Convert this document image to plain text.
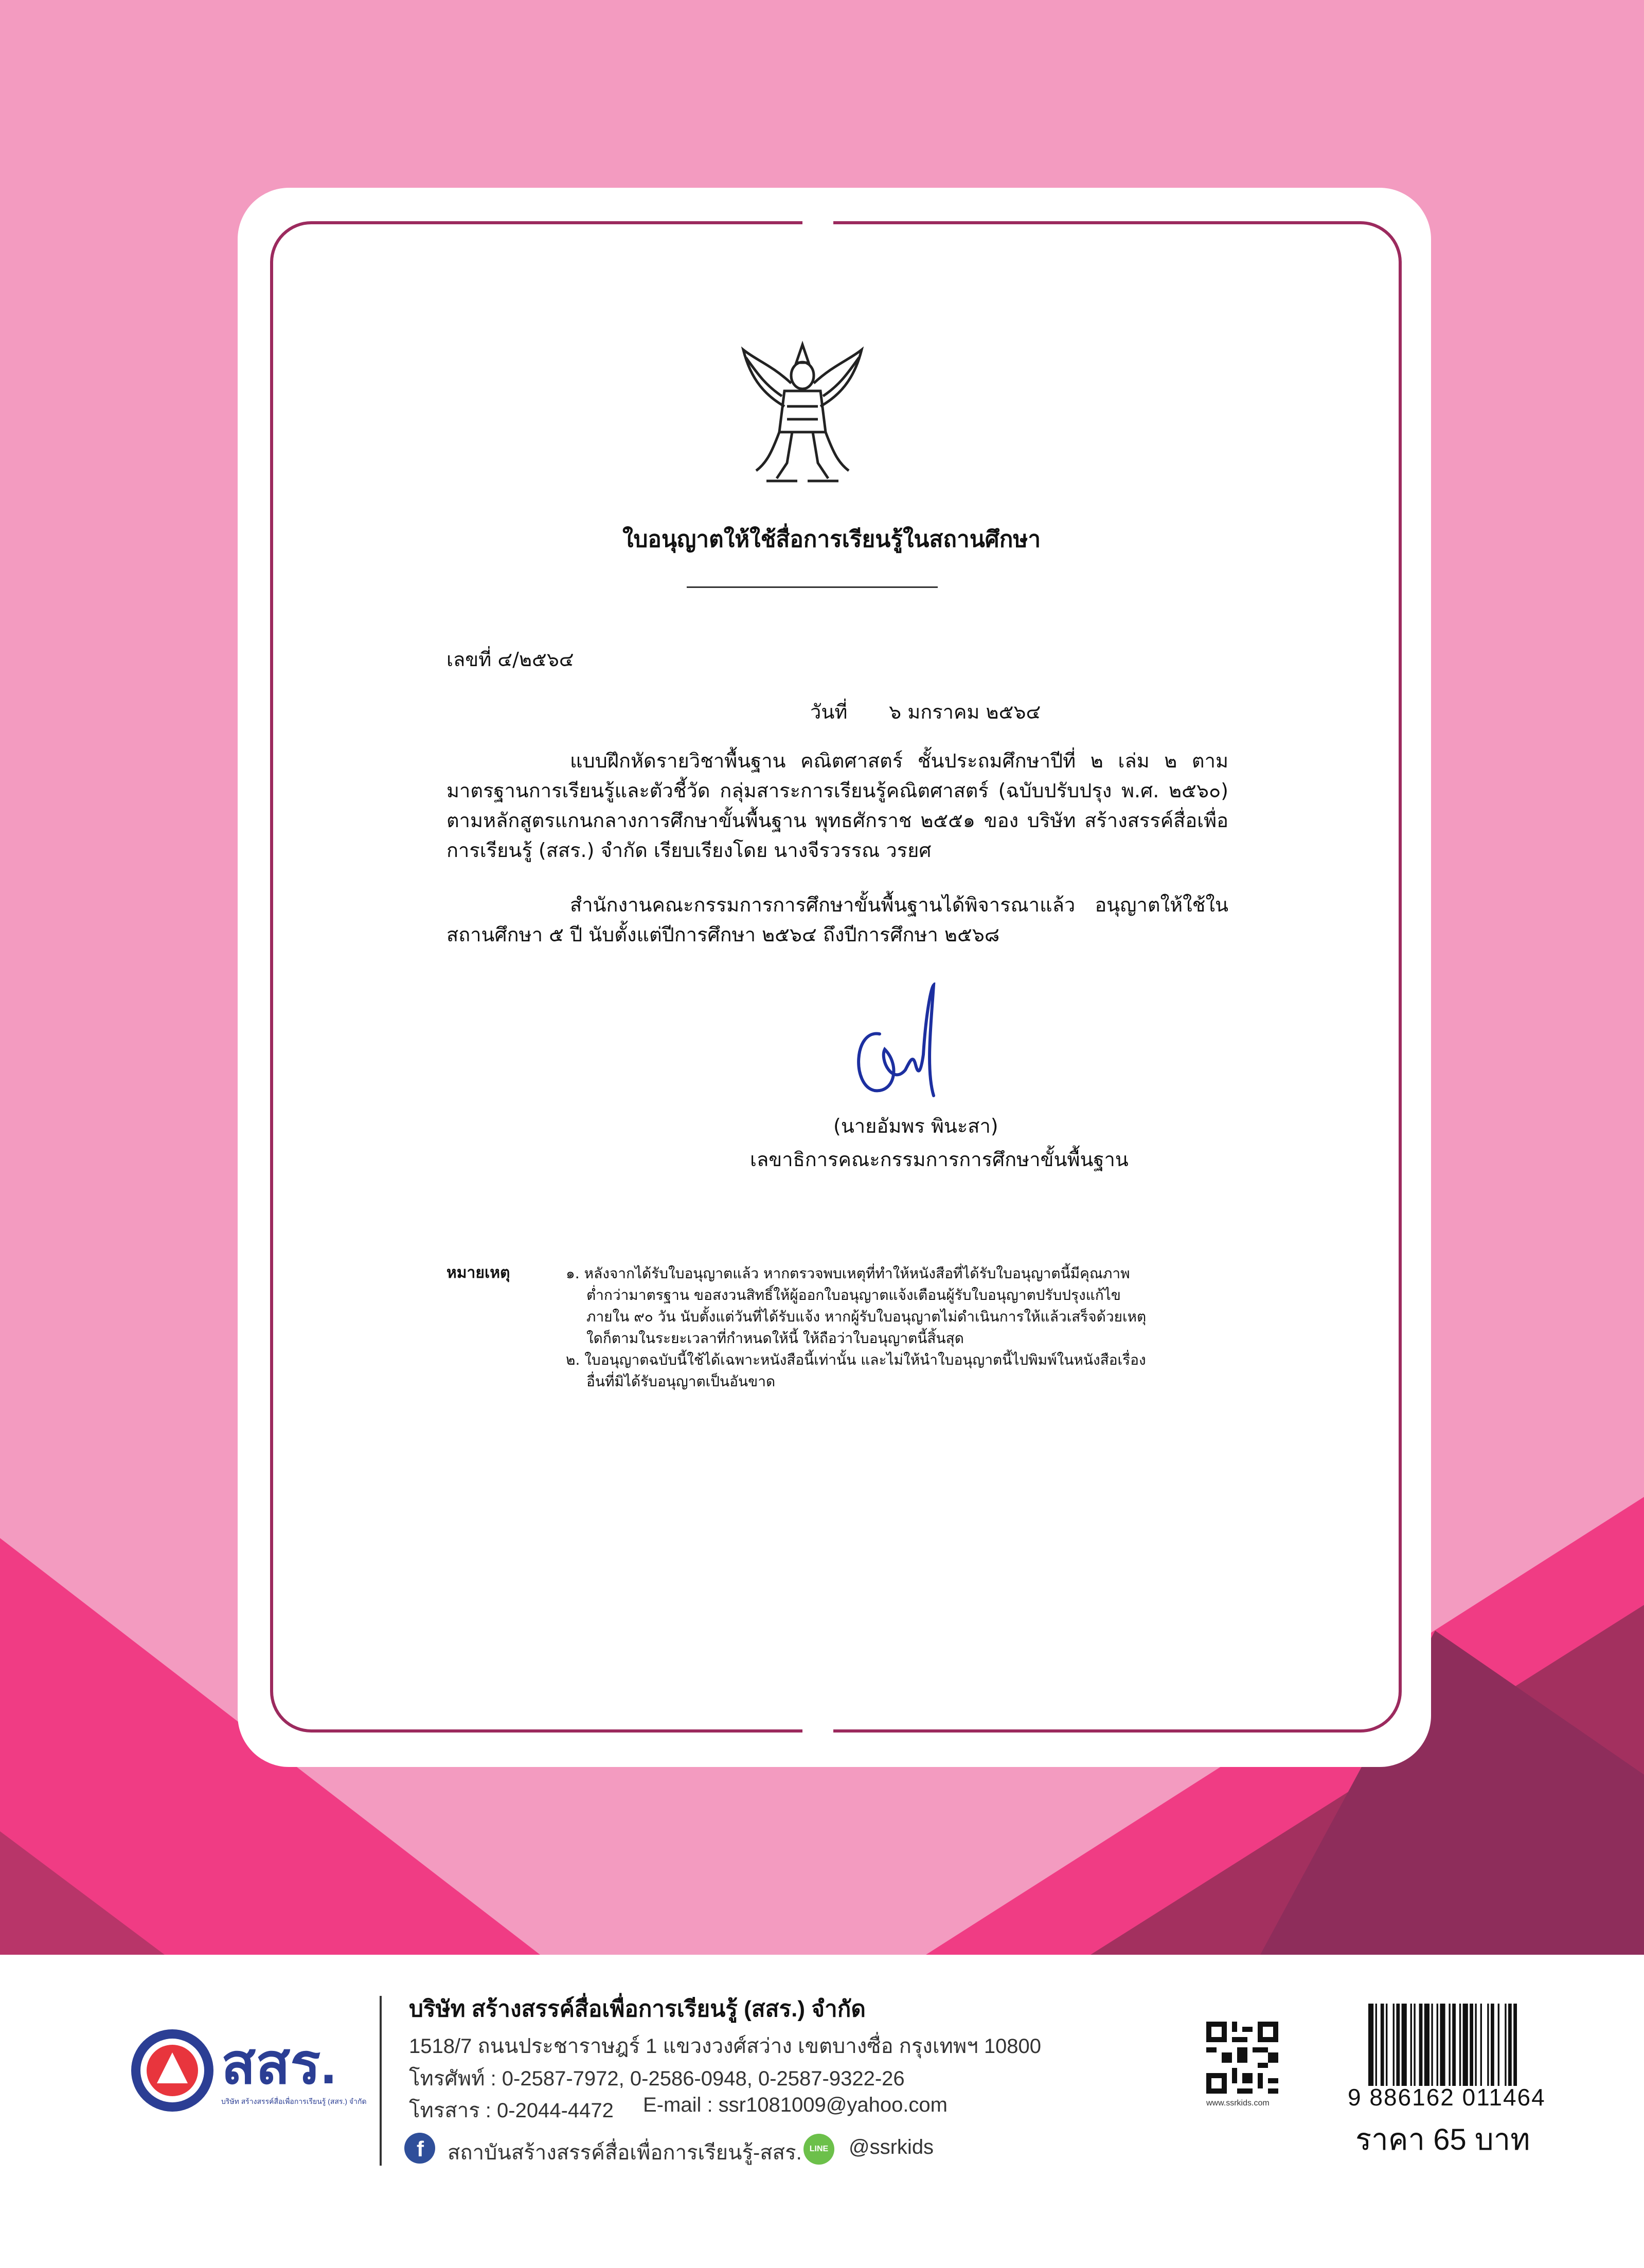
ใบอนุญาตให้ใช้สื่อการเรียนรู้ในสถานศึกษา
เลขที่ ๔/๒๕๖๔
วันที่ ๖ มกราคม ๒๕๖๔
แบบฝึกหัดรายวิชาพื้นฐาน คณิตศาสตร์ ชั้นประถมศึกษาปีที่ ๒ เล่ม ๒ ตามมาตรฐานการเรียนรู้และตัวชี้วัด กลุ่มสาระการเรียนรู้คณิตศาสตร์ (ฉบับปรับปรุง พ.ศ. ๒๕๖๐) ตามหลักสูตรแกนกลางการศึกษาขั้นพื้นฐาน พุทธศักราช ๒๕๕๑ ของ บริษัท สร้างสรรค์สื่อเพื่อการเรียนรู้ (สสร.) จำกัด เรียบเรียงโดย นางจีรวรรณ วรยศ
สำนักงานคณะกรรมการการศึกษาขั้นพื้นฐานได้พิจารณาแล้ว อนุญาตให้ใช้ในสถานศึกษา ๕ ปี นับตั้งแต่ปีการศึกษา ๒๕๖๔ ถึงปีการศึกษา ๒๕๖๘
(นายอัมพร พินะสา)
เลขาธิการคณะกรรมการการศึกษาขั้นพื้นฐาน
หมายเหตุ	๑. หลังจากได้รับใบอนุญาตแล้ว หากตรวจพบเหตุที่ทำให้หนังสือที่ได้รับใบอนุญาตนี้มีคุณภาพต่ำกว่ามาตรฐาน ขอสงวนสิทธิ์ให้ผู้ออกใบอนุญาตแจ้งเตือนผู้รับใบอนุญาตปรับปรุงแก้ไขภายใน ๙๐ วัน นับตั้งแต่วันที่ได้รับแจ้ง หากผู้รับใบอนุญาตไม่ดำเนินการให้แล้วเสร็จด้วยเหตุใดก็ตามในระยะเวลาที่กำหนดให้นี้ ให้ถือว่าใบอนุญาตนี้สิ้นสุด

๒. ใบอนุญาตฉบับนี้ใช้ได้เฉพาะหนังสือนี้เท่านั้น และไม่ให้นำใบอนุญาตนี้ไปพิมพ์ในหนังสือเรื่องอื่นที่มิได้รับอนุญาตเป็นอันขาด

สสร.
บริษัท สร้างสรรค์สื่อเพื่อการเรียนรู้ (สสร.) จำกัด
บริษัท สร้างสรรค์สื่อเพื่อการเรียนรู้ (สสร.) จำกัด
1518/7 ถนนประชาราษฎร์ 1 แขวงวงศ์สว่าง เขตบางซื่อ กรุงเทพฯ 10800
โทรศัพท์ : 0-2587-7972, 0-2586-0948, 0-2587-9322-26
โทรสาร : 0-2044-4472 E-mail : ssr1081009@yahoo.com
f สถาบันสร้างสรรค์สื่อเพื่อการเรียนรู้-สสร. LINE @ssrkids
www.ssrkids.com	9 886162 011464
ราคา 65 บาท
